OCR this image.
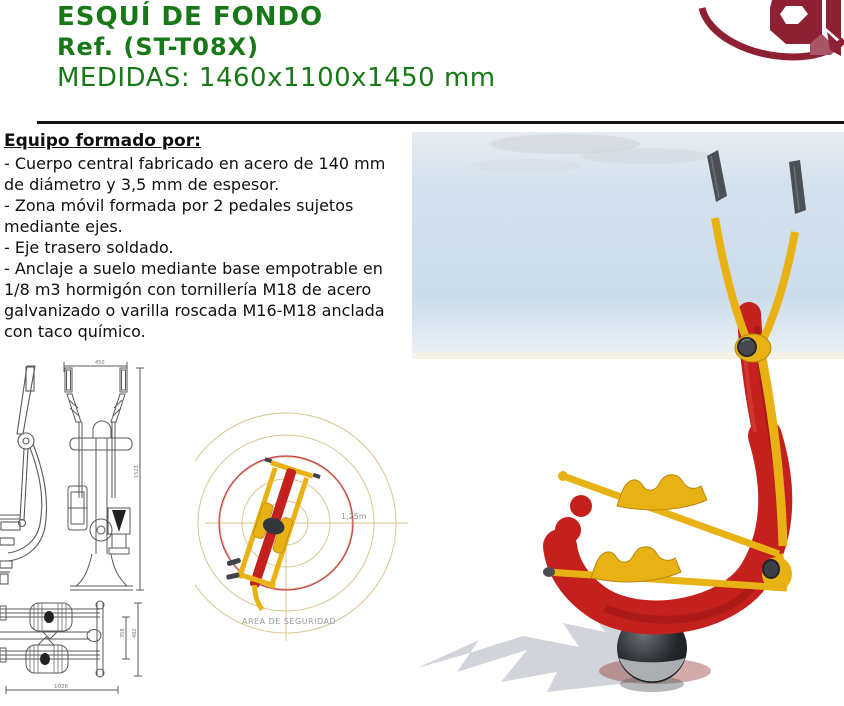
ESQUÍ DE FONDO

Ref. (ST-T08X)

MEDIDAS: 1460x1100x1450 mm

Equipo formado por:

- Cuerpo central fabricado en acero de 140 mm de diámetro y 3,5 mm de espesor.

- Zona móvil formada por 2 pedales sujetos mediante ejes.

- Eje trasero soldado.

- Anclaje a suelo mediante base empotrable en 1/8 m3 hormigón con tornillería M18 de acero galvanizado o varilla roscada M16-M18 anclada con taco químico.

450
1523
1026
358 482
1,25m
AREA DE SEGURIDAD
